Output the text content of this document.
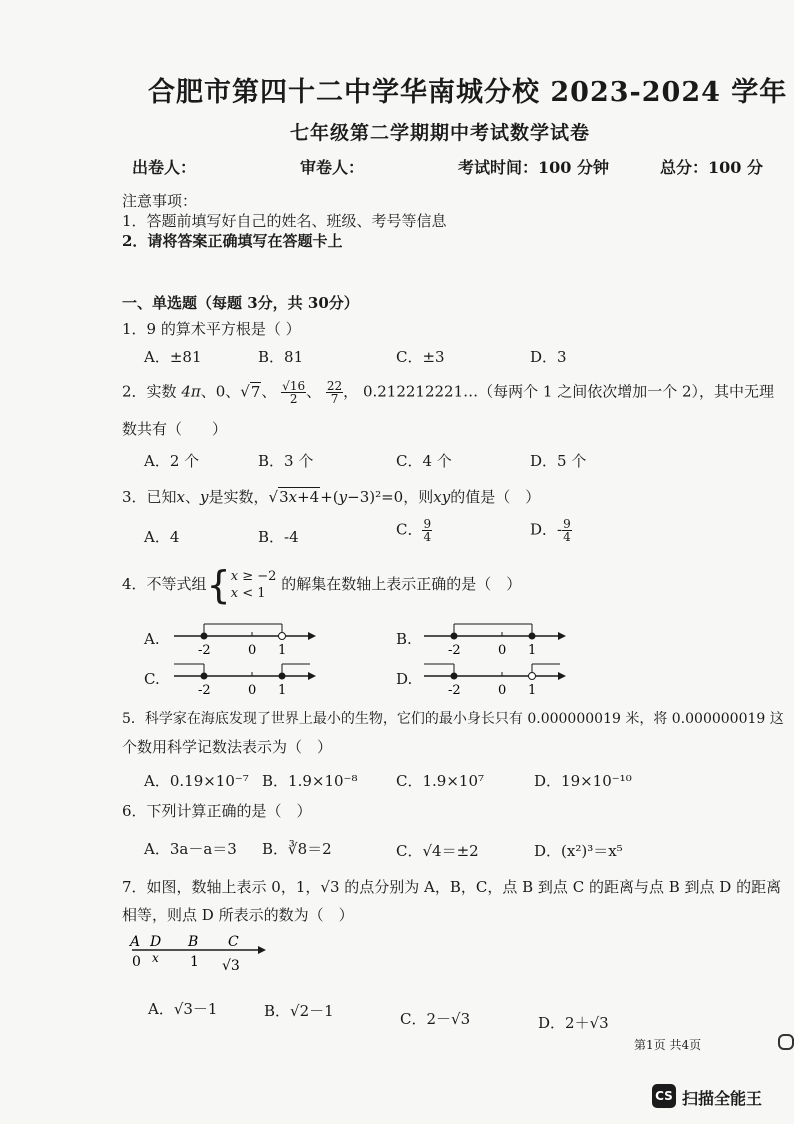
合肥市第四十二中学华南城分校 2023-2024 学年
七年级第二学期期中考试数学试卷
出卷人：	审卷人：	考试时间：100 分钟	总分：100 分
注意事项：
1．答题前填写好自己的姓名、班级、考号等信息
2．请将答案正确填写在答题卡上
一、单选题（每题 3分，共 30分）
1．9 的算术平方根是（ ）
A．±81	B．81	C．±3	D．3
2．实数 4π、0、√7、 $\frac{√16}{2}$ 、 $\frac{22}{7}$ ， 0.212212221…（每两个 1 之间依次增加一个 2），其中无理
数共有（　　）
A．2 个	B．3 个	C．4 个	D．5 个
3．已知x、y是实数，√3x+4+(y−3)²=0，则xy的值是（　）
A．4	B．-4	C． $\frac{9}{4}$	D．- $\frac{9}{4}$
4．不等式组{x ≥ −2
x < 1 的解集在数轴上表示正确的是（　）
A.
-2	0 1
B.
-2	0 1
C.
-2	0 1
D.
-2	0 1
5．科学家在海底发现了世界上最小的生物，它们的最小身长只有 0.000000019 米，将 0.000000019 这
个数用科学记数法表示为（　）
A．0.19×10⁻⁷ B．1.9×10⁻⁸	C．1.9×10⁷	D．19×10⁻¹⁰
6．下列计算正确的是（　）
A．3a－a＝3 B．∛8＝2	C．√4＝±2	D．(x²)³＝x⁵
7．如图，数轴上表示 0，1，√3 的点分别为 A，B，C，点 B 到点 C 的距离与点 B 到点 D 的距离
相等，则点 D 所表示的数为（　）
A D B C
0 x 1 √3
A．√3－1	B．√2－1	C．2－√3	D．2＋√3
第1页 共4页
CS 扫描全能王
